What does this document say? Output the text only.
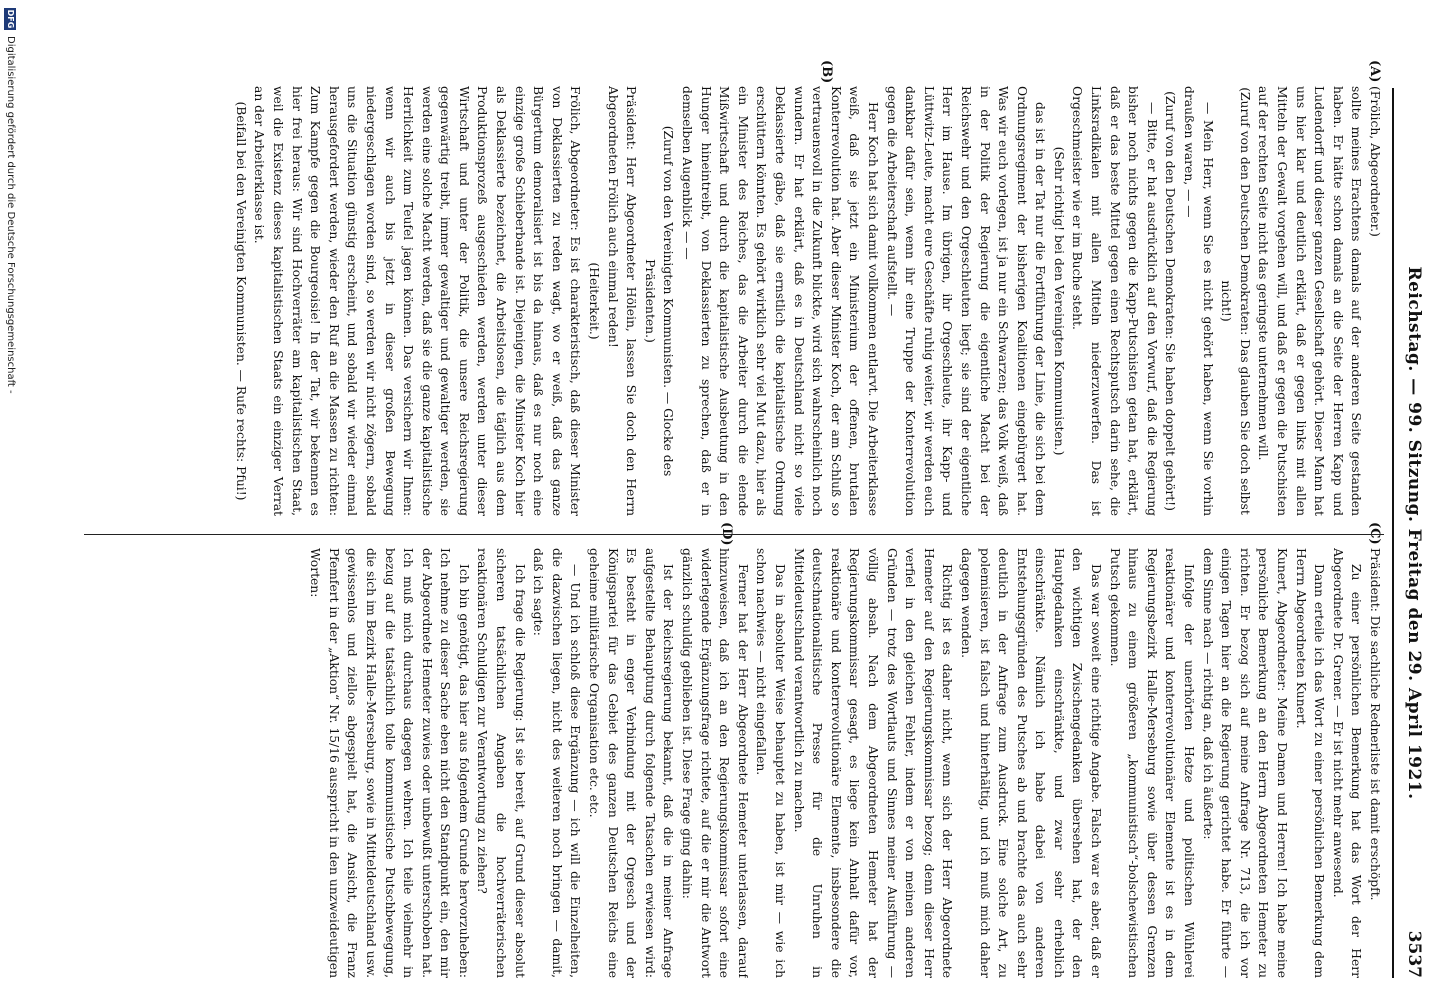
3537
Reichstag. — 99. Sitzung. Freitag den 29. April 1921.
(A)
(B)
(C)
(D)

(Frölich, Abgeordneter.)

sollte meines Erachtens damals auf der anderen Seite gestanden haben. Er hätte schon damals an die Seite der Herren Kapp und Ludendorff und dieser ganzen Gesellschaft gehört. Dieser Mann hat uns hier klar und deutlich erklärt, daß er gegen links mit allen Mitteln der Gewalt vorgehen will, und daß er gegen die Putschisten auf der rechten Seite nicht das geringste unternehmen will.

(Zuruf von den Deutschen Demokraten: Das glauben Sie doch selbst nicht!)

— Mein Herr, wenn Sie es nicht gehört haben, wenn Sie vorhin draußen waren, — —

(Zuruf von den Deutschen Demokraten: Sie haben doppelt gehört!)

— Bitte, er hat ausdrücklich auf den Vorwurf, daß die Regierung bisher noch nichts gegen die Kapp-Putschisten getan hat, erklärt, daß er das beste Mittel gegen einen Rechtsputsch darin sehe, die Linksradikalen mit allen Mitteln niederzuwerfen. Das ist Orgeschmeister wie er im Buche steht.

(Sehr richtig! bei den Vereinigten Kommunisten.)

das ist in der Tat nur die Fortführung der Linie, die sich bei dem Ordnungsregiment der bisherigen Koalitionen eingebürgert hat. Was wir euch vorlegen, ist ja nur ein Schwarzen; das Volk weiß, daß in der Politik der Regierung die eigentliche Macht bei der Reichswehr und den Orgeschleuten liegt; sie sind der eigentliche Herr im Hause. Im übrigen, ihr Orgeschleute, ihr Kapp- und Lüttwitz-Leute, macht eure Geschäfte ruhig weiter, wir werden euch dankbar dafür sein, wenn ihr eine Truppe der Konterrevolution gegen die Arbeiterschaft aufstellt. —

Herr Koch hat sich damit vollkommen entlarvt. Die Arbeiterklasse weiß, daß sie jetzt ein Ministerium der offenen, brutalen Konterrevolution hat. Aber dieser Minister Koch, der am Schluß so vertrauensvoll in die Zukunft blickte, wird sich wahrscheinlich noch wundern. Er hat erklärt, daß es in Deutschland nicht so viele Deklassierte gäbe, daß sie ernstlich die kapitalistische Ordnung erschüttern könnten. Es gehört wirklich sehr viel Mut dazu, hier als ein Minister des Reiches, das die Arbeiter durch die elende Mißwirtschaft und durch die kapitalistische Ausbeutung in den Hunger hineintreibt, von Deklassierten zu sprechen, daß er in demselben Augenblick — —

(Zuruf von den Vereinigten Kommunisten. — Glocke des Präsidenten.)

Präsident: Herr Abgeordneter Hölein, lassen Sie doch den Herrn Abgeordneten Frölich auch einmal reden!

(Heiterkeit.)

Frölich, Abgeordneter: Es ist charakteristisch, daß dieser Minister von Deklassierten zu reden wagt, wo er weiß, daß das ganze Bürgertum demoralisiert ist bis da hinaus, daß es nur noch eine einzige große Schieberbande ist. Diejenigen, die Minister Koch hier als Deklassierte bezeichnet, die Arbeitslosen, die täglich aus dem Produktionsprozeß ausgeschieden werden, werden unter dieser Wirtschaft und unter der Politik, die unsere Reichsregierung gegenwärtig treibt, immer gewaltiger und gewaltiger werden, sie werden eine solche Macht werden, daß sie die ganze kapitalistische Herrlichkeit zum Teufel jagen können. Das versichern wir Ihnen: wenn wir auch bis jetzt in dieser großen Bewegung niedergeschlagen worden sind, so werden wir nicht zögern, sobald uns die Situation günstig erscheint, und sobald wir wieder einmal herausgefordert werden, wieder den Ruf an die Massen zu richten: Zum Kampfe gegen die Bourgeoisie! In der Tat, wir bekennen es hier frei heraus: Wir sind Hochverräter am kapitalistischen Staat, weil die Existenz dieses kapitalistischen Staats ein einziger Verrat an der Arbeiterklasse ist.

(Beifall bei den Vereinigten Kommunisten. — Rufe rechts: Pfui!)

Präsident: Die sachliche Rednerliste ist damit erschöpft.

Zu einer persönlichen Bemerkung hat das Wort der Herr Abgeordnete Dr. Grener. — Er ist nicht mehr anwesend.

Dann erteile ich das Wort zu einer persönlichen Bemerkung dem Herrn Abgeordneten Kunert.

Kunert, Abgeordneter: Meine Damen und Herren! Ich habe meine persönliche Bemerkung an den Herrn Abgeordneten Hemeter zu richten. Er bezog sich auf meine Anfrage Nr. 713, die ich vor einigen Tagen hier an die Regierung gerichtet habe. Er führte — dem Sinne nach — richtig an, daß ich äußerte:

Infolge der unerhörten Hetze und politischen Wühlerei reaktionärer und konterrevolutionärer Elemente ist es in dem Regierungsbezirk Halle-Merseburg sowie über dessen Grenzen hinaus zu einem größeren „kommunistisch“-bolschewistischen Putsch gekommen.

Das war soweit eine richtige Angabe. Falsch war es aber, daß er den wichtigen Zwischengedanken übersehen hat, der den Hauptgedanken einschränkte, und zwar sehr erheblich einschränkte. Nämlich ich habe dabei von anderen Entstehungsgründen des Putsches ab und brachte das auch sehr deutlich in der Anfrage zum Ausdruck. Eine solche Art, zu polemisieren, ist falsch und hinterhältig, und ich muß mich daher dagegen wenden.

Richtig ist es daher nicht, wenn sich der Herr Abgeordnete Hemeter auf den Regierungskommissar bezog; denn dieser Herr verfiel in den gleichen Fehler, indem er von meinen anderen Gründen — trotz des Wortlauts und Sinnes meiner Ausführung — völlig absah. Nach dem Abgeordneten Hemeter hat der Regierungskommissar gesagt, es liege kein Anhalt dafür vor, reaktionäre und konterrevolutionäre Elemente, insbesondere die deutschnationalistische Presse für die Unruhen in Mitteldeutschland verantwortlich zu machen.

Das in absoluter Weise behauptet zu haben, ist mir — wie ich schon nachwies — nicht eingefallen.

Ferner hat der Herr Abgeordnete Hemeter unterlassen, darauf hinzuweisen, daß ich an den Regierungskommissar sofort eine widerlegende Ergänzungsfrage richtete, auf die er mir die Antwort gänzlich schuldig geblieben ist. Diese Frage ging dahin:

Ist der Reichsregierung bekannt, daß die in meiner Anfrage aufgestellte Behauptung durch folgende Tatsachen erwiesen wird: Es besteht in enger Verbindung mit der Orgesch und der Königspartei für das Gebiet des ganzen Deutschen Reichs eine geheime militärische Organisation etc. etc.

— Und ich schloß diese Ergänzung — ich will die Einzelheiten, die dazwischen liegen, nicht des weiteren noch bringen — damit, daß ich sagte:

Ich frage die Regierung: Ist sie bereit, auf Grund dieser absolut sicheren tatsächlichen Angaben die hochverräterischen reaktionären Schuldigen zur Verantwortung zu ziehen?

Ich bin genötigt, das hier aus folgendem Grunde hervorzuheben: Ich nehme zu dieser Sache eben nicht den Standpunkt ein, den mir der Abgeordnete Hemeter zuwies oder unbewußt unterschoben hat. Ich muß mich durchaus dagegen wehren. Ich teile vielmehr in bezug auf die tatsächlich tolle kommunistische Putschbewegung, die sich im Bezirk Halle-Merseburg, sowie in Mitteldeutschland usw. gewissenlos und ziellos abgespielt hat, die Ansicht, die Franz Pfemfert in der „Aktion“ Nr. 15/16 ausspricht in den unzweideutigen Worten:

DFG
Digitalisierung gefördert durch die Deutsche Forschungsgemeinschaft -
